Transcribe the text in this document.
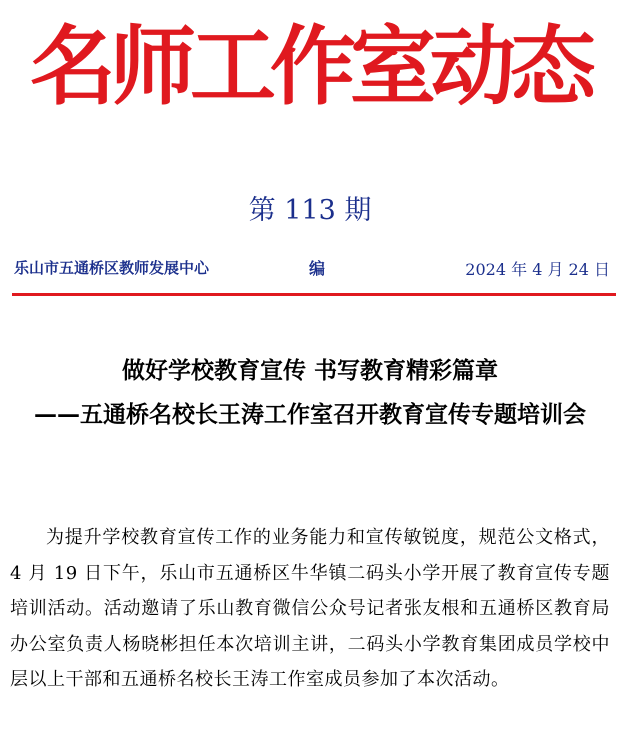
名师工作室动态
第 113 期
乐山市五通桥区教师发展中心	编	2024 年 4 月 24 日
做好学校教育宣传 书写教育精彩篇章
——五通桥名校长王涛工作室召开教育宣传专题培训会
为提升学校教育宣传工作的业务能力和宣传敏锐度，规范公文格式，4 月 19 日下午，乐山市五通桥区牛华镇二码头小学开展了教育宣传专题培训活动。活动邀请了乐山教育微信公众号记者张友根和五通桥区教育局办公室负责人杨晓彬担任本次培训主讲，二码头小学教育集团成员学校中层以上干部和五通桥名校长王涛工作室成员参加了本次活动。
